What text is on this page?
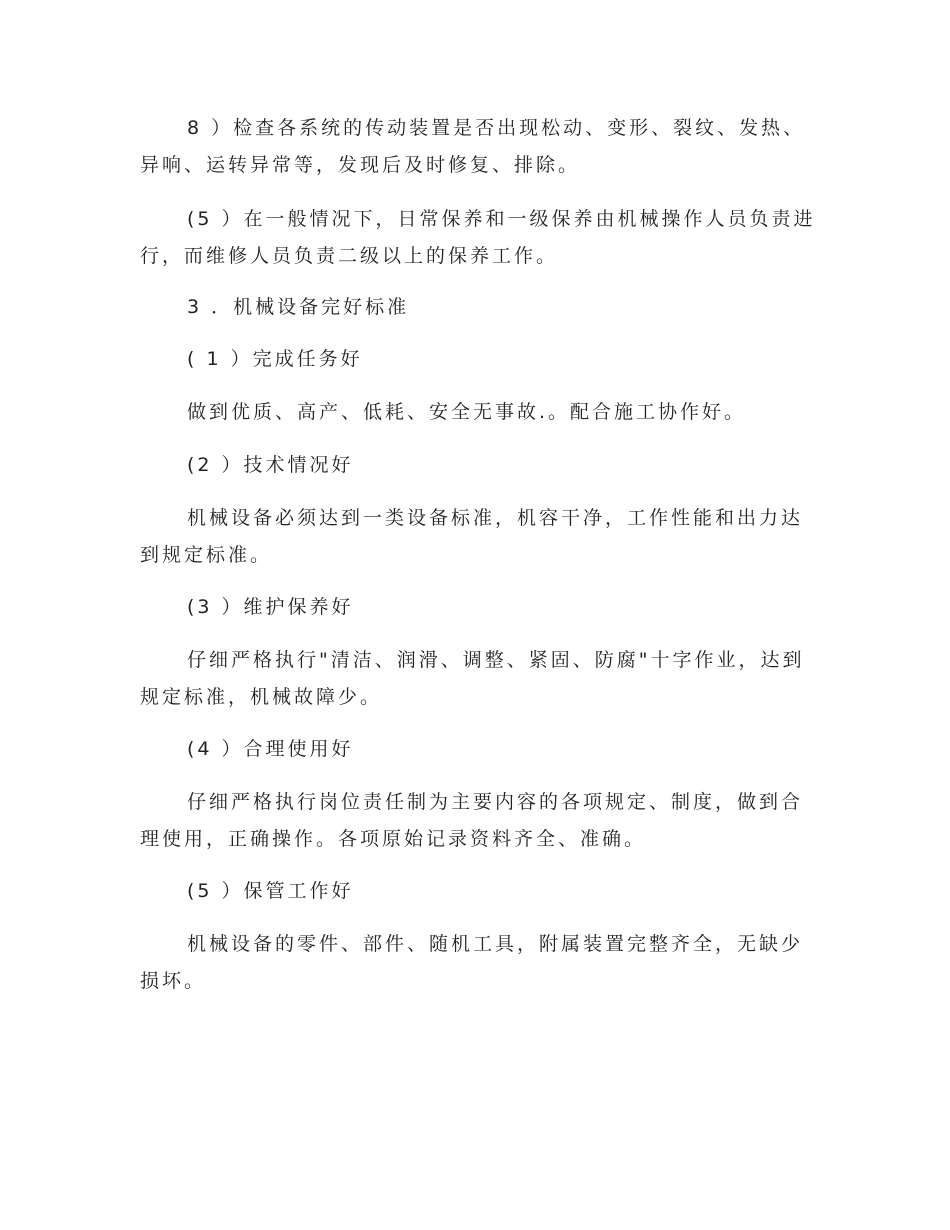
8 ）检查各系统的传动装置是否出现松动、变形、裂纹、发热、
异响、运转异常等，发现后及时修复、排除。
(5 ）在一般情况下，日常保养和一级保养由机械操作人员负责进
行，而维修人员负责二级以上的保养工作。
3 ．机械设备完好标准
( 1 ）完成任务好
做到优质、高产、低耗、安全无事故.。配合施工协作好。
(2 ）技术情况好
机械设备必须达到一类设备标准，机容干净，工作性能和出力达
到规定标准。
(3 ）维护保养好
仔细严格执行"清洁、润滑、调整、紧固、防腐"十字作业，达到
规定标准，机械故障少。
(4 ）合理使用好
仔细严格执行岗位责任制为主要内容的各项规定、制度，做到合
理使用，正确操作。各项原始记录资料齐全、准确。
(5 ）保管工作好
机械设备的零件、部件、随机工具，附属装置完整齐全，无缺少
损坏。
